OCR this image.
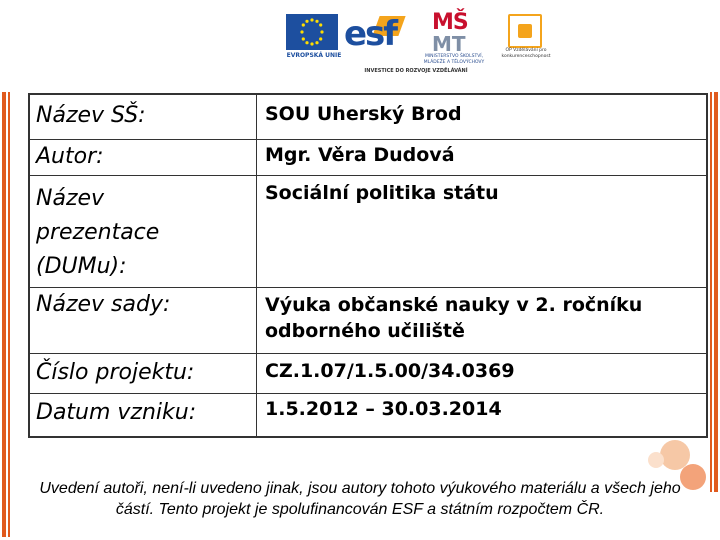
EVROPSKÁ UNIE
esf MŠ
MT
MINISTERSTVO ŠKOLSTVÍ, MLÁDEŽE A TĚLOVÝCHOVY
OP Vzdělávání pro konkurenceschopnost
INVESTICE DO ROZVOJE VZDĚLÁVÁNÍ
Název SŠ:	SOU Uherský Brod

Autor:	Mgr. Věra Dudová

Název prezentace (DUMu):	Sociální politika státu

Název sady:	Výuka občanské nauky v 2. ročníku odborného učiliště

Číslo projektu:	CZ.1.07/1.5.00/34.0369

Datum vzniku:	1.5.2012 – 30.03.2014
Uvedení autoři, není-li uvedeno jinak, jsou autory tohoto výukového materiálu a všech jeho částí. Tento projekt je spolufinancován ESF a státním rozpočtem ČR.
